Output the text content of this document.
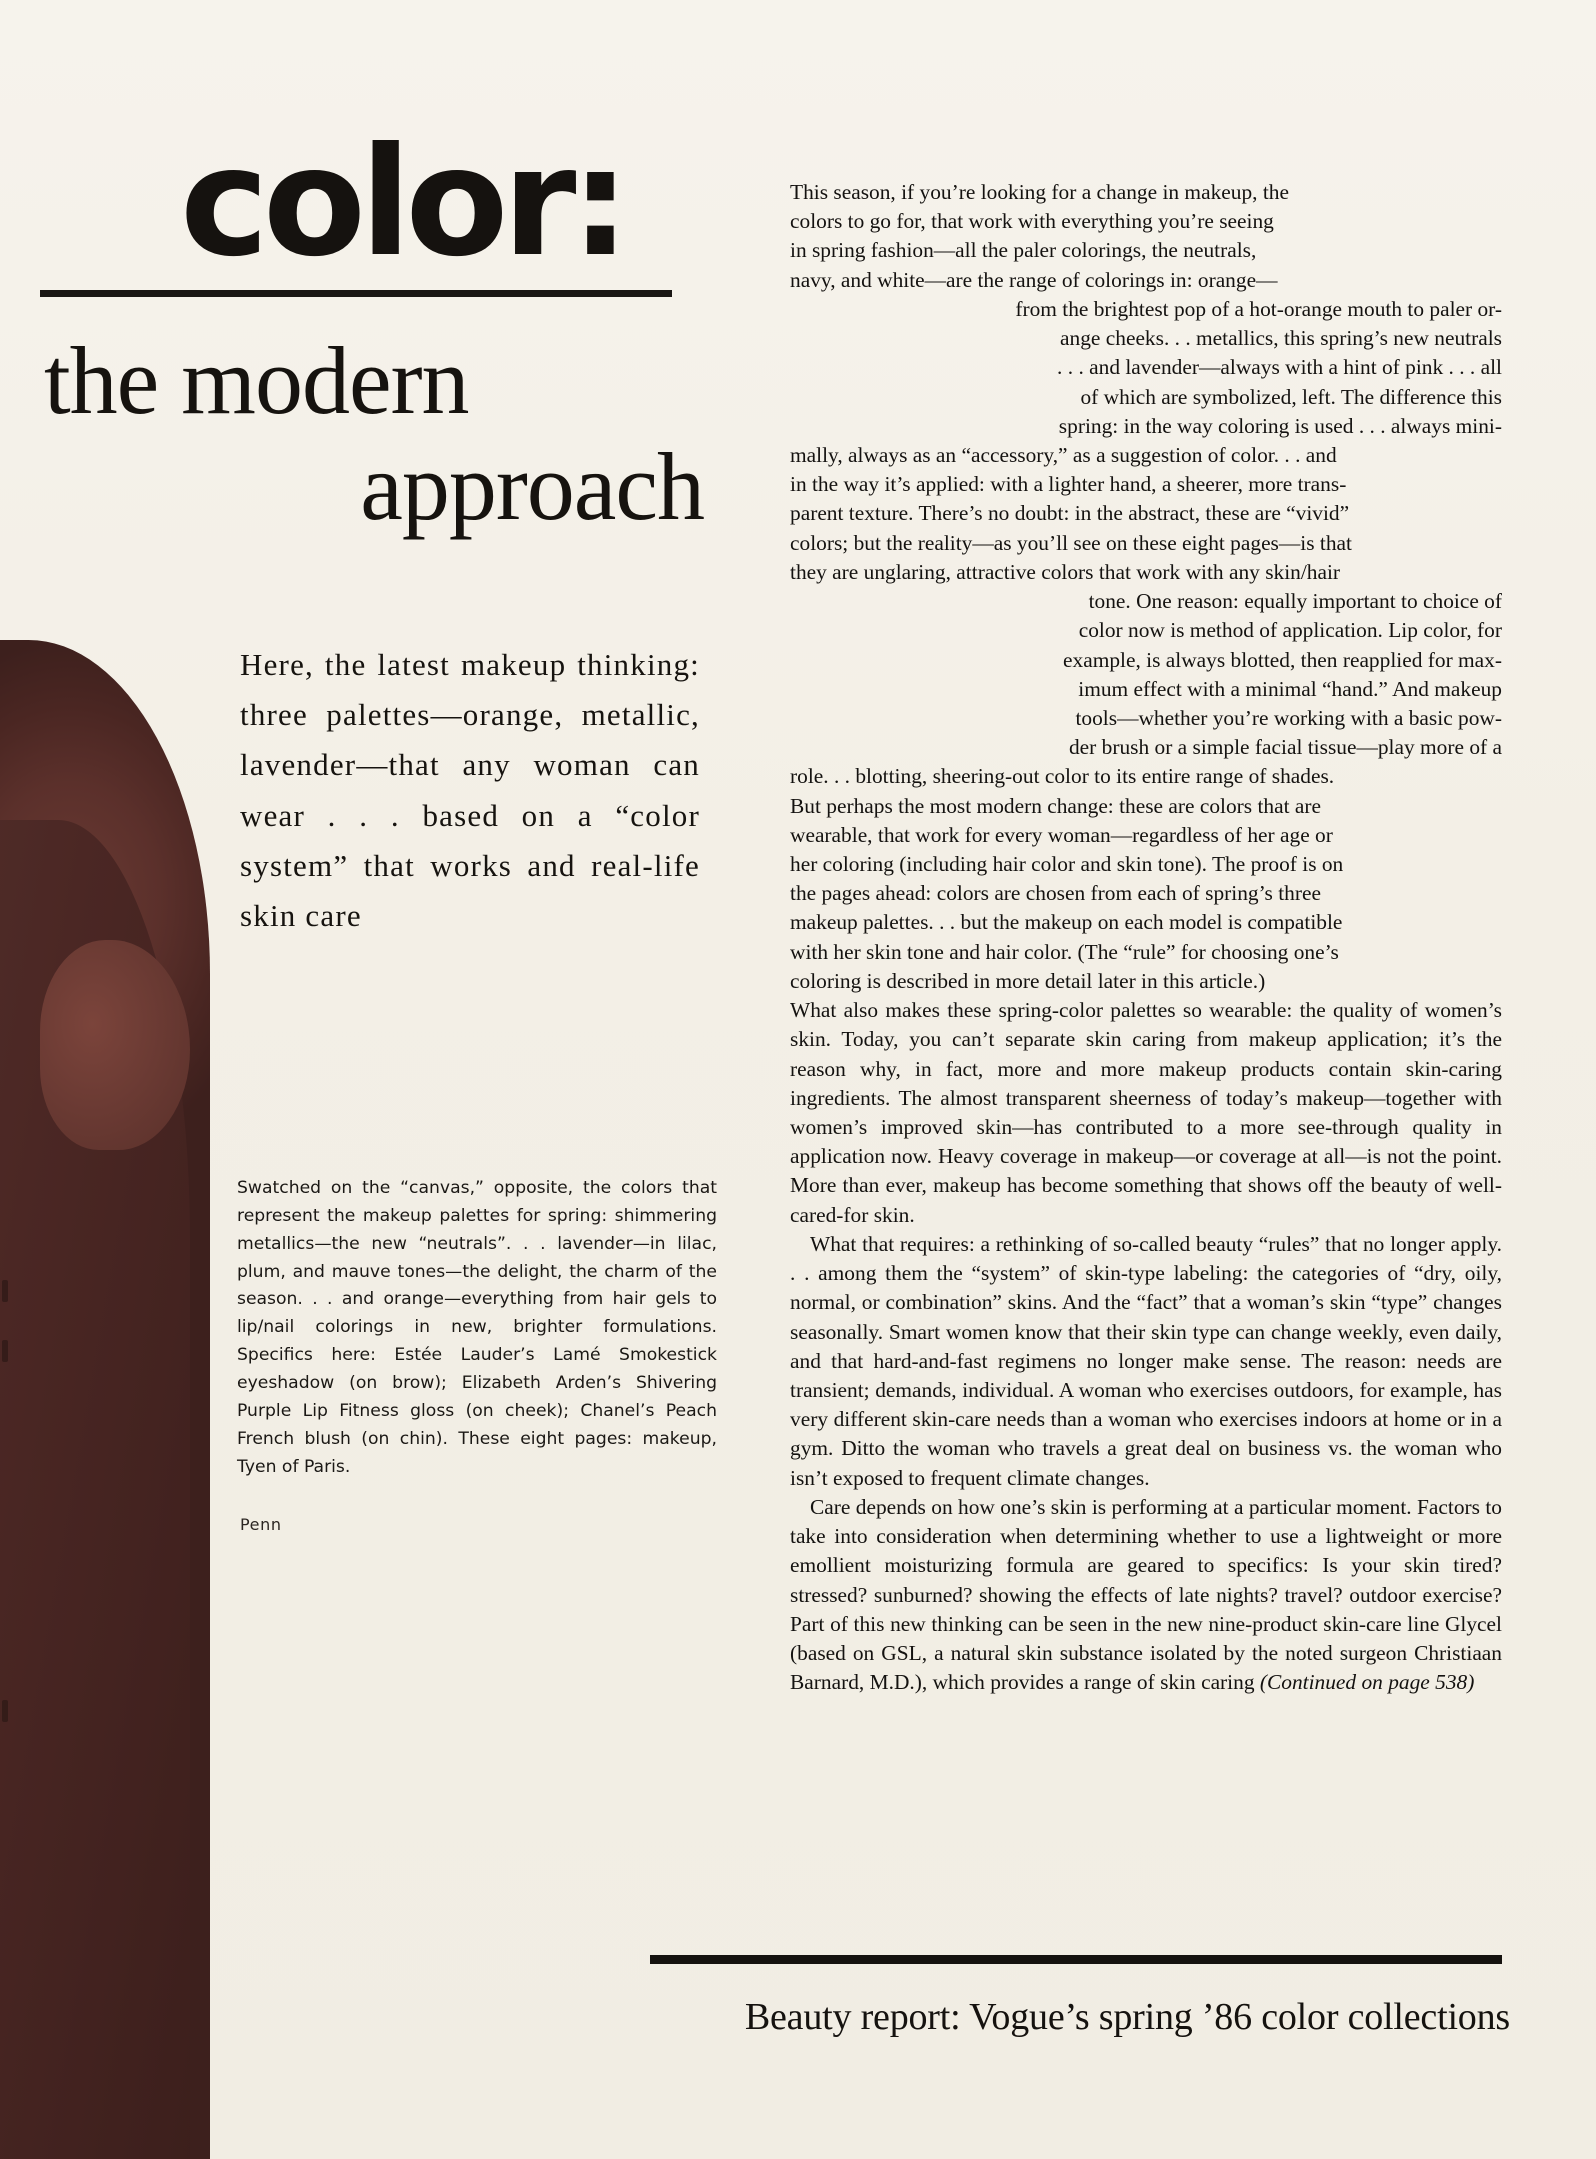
color:
the modern
approach
Here, the latest makeup thinking: three palettes—orange, metallic, lavender—that any woman can wear . . . based on a “color system” that works and real-life skin care
Swatched on the “canvas,” opposite, the colors that represent the makeup palettes for spring: shimmering metallics—the new “neutrals”. . . lavender—in lilac, plum, and mauve tones—the delight, the charm of the season. . . and orange—everything from hair gels to lip/nail colorings in new, brighter formulations. Specifics here: Estée Lauder’s Lamé Smokestick eyeshadow (on brow); Elizabeth Arden’s Shivering Purple Lip Fitness gloss (on cheek); Chanel’s Peach French blush (on chin). These eight pages: makeup, Tyen of Paris.
Penn
This season, if you’re looking for a change in makeup, the
colors to go for, that work with everything you’re seeing
in spring fashion—all the paler colorings, the neutrals,
navy, and white—are the range of colorings in: orange—
from the brightest pop of a hot-orange mouth to paler or-
ange cheeks. . . metallics, this spring’s new neutrals
. . . and lavender—always with a hint of pink . . . all
of which are symbolized, left. The difference this
spring: in the way coloring is used . . . always mini-
mally, always as an “accessory,” as a suggestion of color. . . and
in the way it’s applied: with a lighter hand, a sheerer, more trans-
parent texture. There’s no doubt: in the abstract, these are “vivid”
colors; but the reality—as you’ll see on these eight pages—is that
they are unglaring, attractive colors that work with any skin/hair
tone. One reason: equally important to choice of
color now is method of application. Lip color, for
example, is always blotted, then reapplied for max-
imum effect with a minimal “hand.” And makeup
tools—whether you’re working with a basic pow-
der brush or a simple facial tissue—play more of a
role. . . blotting, sheering-out color to its entire range of shades.
But perhaps the most modern change: these are colors that are
wearable, that work for every woman—regardless of her age or
her coloring (including hair color and skin tone). The proof is on
the pages ahead: colors are chosen from each of spring’s three
makeup palettes. . . but the makeup on each model is compatible
with her skin tone and hair color. (The “rule” for choosing one’s
coloring is described in more detail later in this article.)

What also makes these spring-color palettes so wearable: the quality of women’s skin. Today, you can’t separate skin caring from makeup application; it’s the reason why, in fact, more and more makeup products contain skin-caring ingredients. The almost transparent sheerness of today’s makeup—together with women’s improved skin—has contributed to a more see-through quality in application now. Heavy coverage in makeup—or coverage at all—is not the point. More than ever, makeup has become something that shows off the beauty of well-cared-for skin.

What that requires: a rethinking of so-called beauty “rules” that no longer apply. . . among them the “system” of skin-type labeling: the categories of “dry, oily, normal, or combination” skins. And the “fact” that a woman’s skin “type” changes seasonally. Smart women know that their skin type can change weekly, even daily, and that hard-and-fast regimens no longer make sense. The reason: needs are transient; demands, individual. A woman who exercises outdoors, for example, has very different skin-care needs than a woman who exercises indoors at home or in a gym. Ditto the woman who travels a great deal on business vs. the woman who isn’t exposed to frequent climate changes.

Care depends on how one’s skin is performing at a particular moment. Factors to take into consideration when determining whether to use a lightweight or more emollient moisturizing formula are geared to specifics: Is your skin tired? stressed? sunburned? showing the effects of late nights? travel? outdoor exercise? Part of this new thinking can be seen in the new nine-product skin-care line Glycel (based on GSL, a natural skin substance isolated by the noted surgeon Christiaan Barnard, M.D.), which provides a range of skin caring (Continued on page 538)

Beauty report: Vogue’s spring ’86 color collections
